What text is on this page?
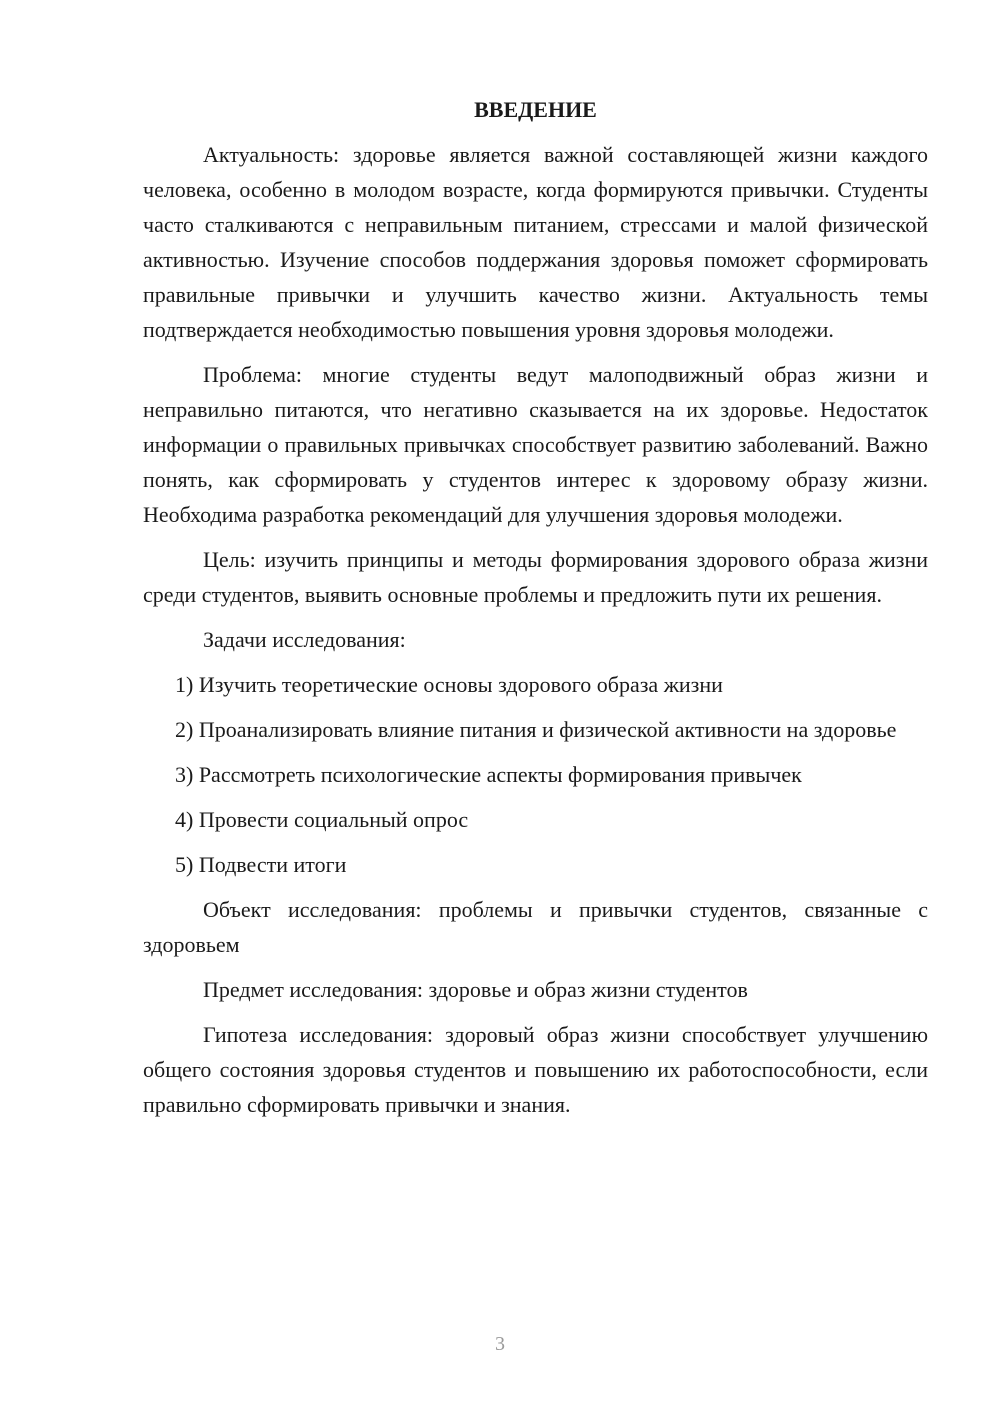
ВВЕДЕНИЕ

Актуальность: здоровье является важной составляющей жизни каждого человека, особенно в молодом возрасте, когда формируются привычки. Студенты часто сталкиваются с неправильным питанием, стрессами и малой физической активностью. Изучение способов поддержания здоровья поможет сформировать правильные привычки и улучшить качество жизни. Актуальность темы подтверждается необходимостью повышения уровня здоровья молодежи.

Проблема: многие студенты ведут малоподвижный образ жизни и неправильно питаются, что негативно сказывается на их здоровье. Недостаток информации о правильных привычках способствует развитию заболеваний. Важно понять, как сформировать у студентов интерес к здоровому образу жизни. Необходима разработка рекомендаций для улучшения здоровья молодежи.

Цель: изучить принципы и методы формирования здорового образа жизни среди студентов, выявить основные проблемы и предложить пути их решения.

Задачи исследования:

1) Изучить теоретические основы здорового образа жизни

2) Проанализировать влияние питания и физической активности на здоровье

3) Рассмотреть психологические аспекты формирования привычек

4) Провести социальный опрос

5) Подвести итоги

Объект исследования: проблемы и привычки студентов, связанные с здоровьем

Предмет исследования: здоровье и образ жизни студентов

Гипотеза исследования: здоровый образ жизни способствует улучшению общего состояния здоровья студентов и повышению их работоспособности, если правильно сформировать привычки и знания.

3
